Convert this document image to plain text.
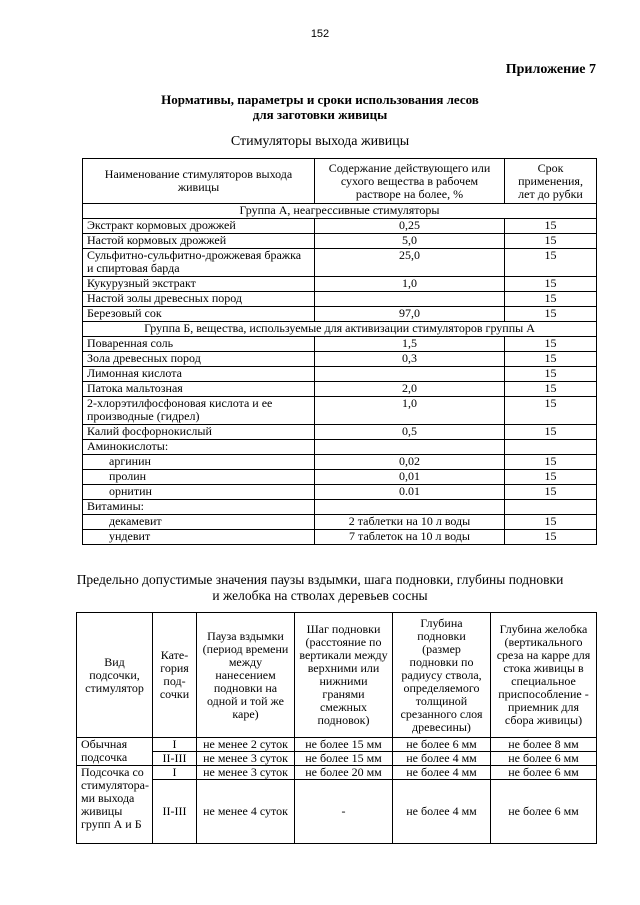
152
Приложение 7
Нормативы, параметры и сроки использования лесов
для заготовки живицы
Стимуляторы выхода живицы
Наименование стимуляторов выхода живицы	Содержание действующего или сухого вещества в рабочем растворе на более, %	Срок применения, лет до рубки
Группа А, неагрессивные стимуляторы		
Экстракт кормовых дрожжей	0,25	15
Настой кормовых дрожжей	5,0	15
Сульфитно-сульфитно-дрожжевая бражка и спиртовая барда	25,0	15
Кукурузный экстракт	1,0	15
Настой золы древесных пород		15
Березовый сок	97,0	15
Группа Б, вещества, используемые для активизации стимуляторов группы А		
Поваренная соль	1,5	15
Зола древесных пород	0,3	15
Лимонная кислота		15
Патока мальтозная	2,0	15
2-хлорэтилфосфоновая кислота и ее производные (гидрел)	1,0	15
Калий фосфорнокислый	0,5	15
Аминокислоты:		
аргинин	0,02	15
пролин	0,01	15
орнитин	0.01	15
Витамины:		
декамевит	2 таблетки на 10 л воды	15
ундевит	7 таблеток на 10 л воды	15
Предельно допустимые значения паузы вздымки, шага подновки, глубины подновки
и желобка на стволах деревьев сосны
Вид подсочки, стимулятор	Кате-гория под-сочки	Пауза вздымки (период времени между нанесением подновки на одной и той же каре)	Шаг подновки (расстояние по вертикали между верхними или нижними гранями смежных подновок)	Глубина подновки (размер подновки по радиусу ствола, определяемого толщиной срезанного слоя древесины)	Глубина желобка (вертикального среза на карре для стока живицы в специальное приспособление - приемник для сбора живицы)
Обычная подсочка	I	не менее 2 суток	не более 15 мм	не более 6 мм	не более 8 мм
	II-III	не менее 3 суток	не более 15 мм	не более 4 мм	не более 6 мм
Подсочка со стимулятора-ми выхода живицы групп А и Б	I	не менее 3 суток	не более 20 мм	не более 4 мм	не более 6 мм
	II-III	не менее 4 суток	-	не более 4 мм	не более 6 мм
